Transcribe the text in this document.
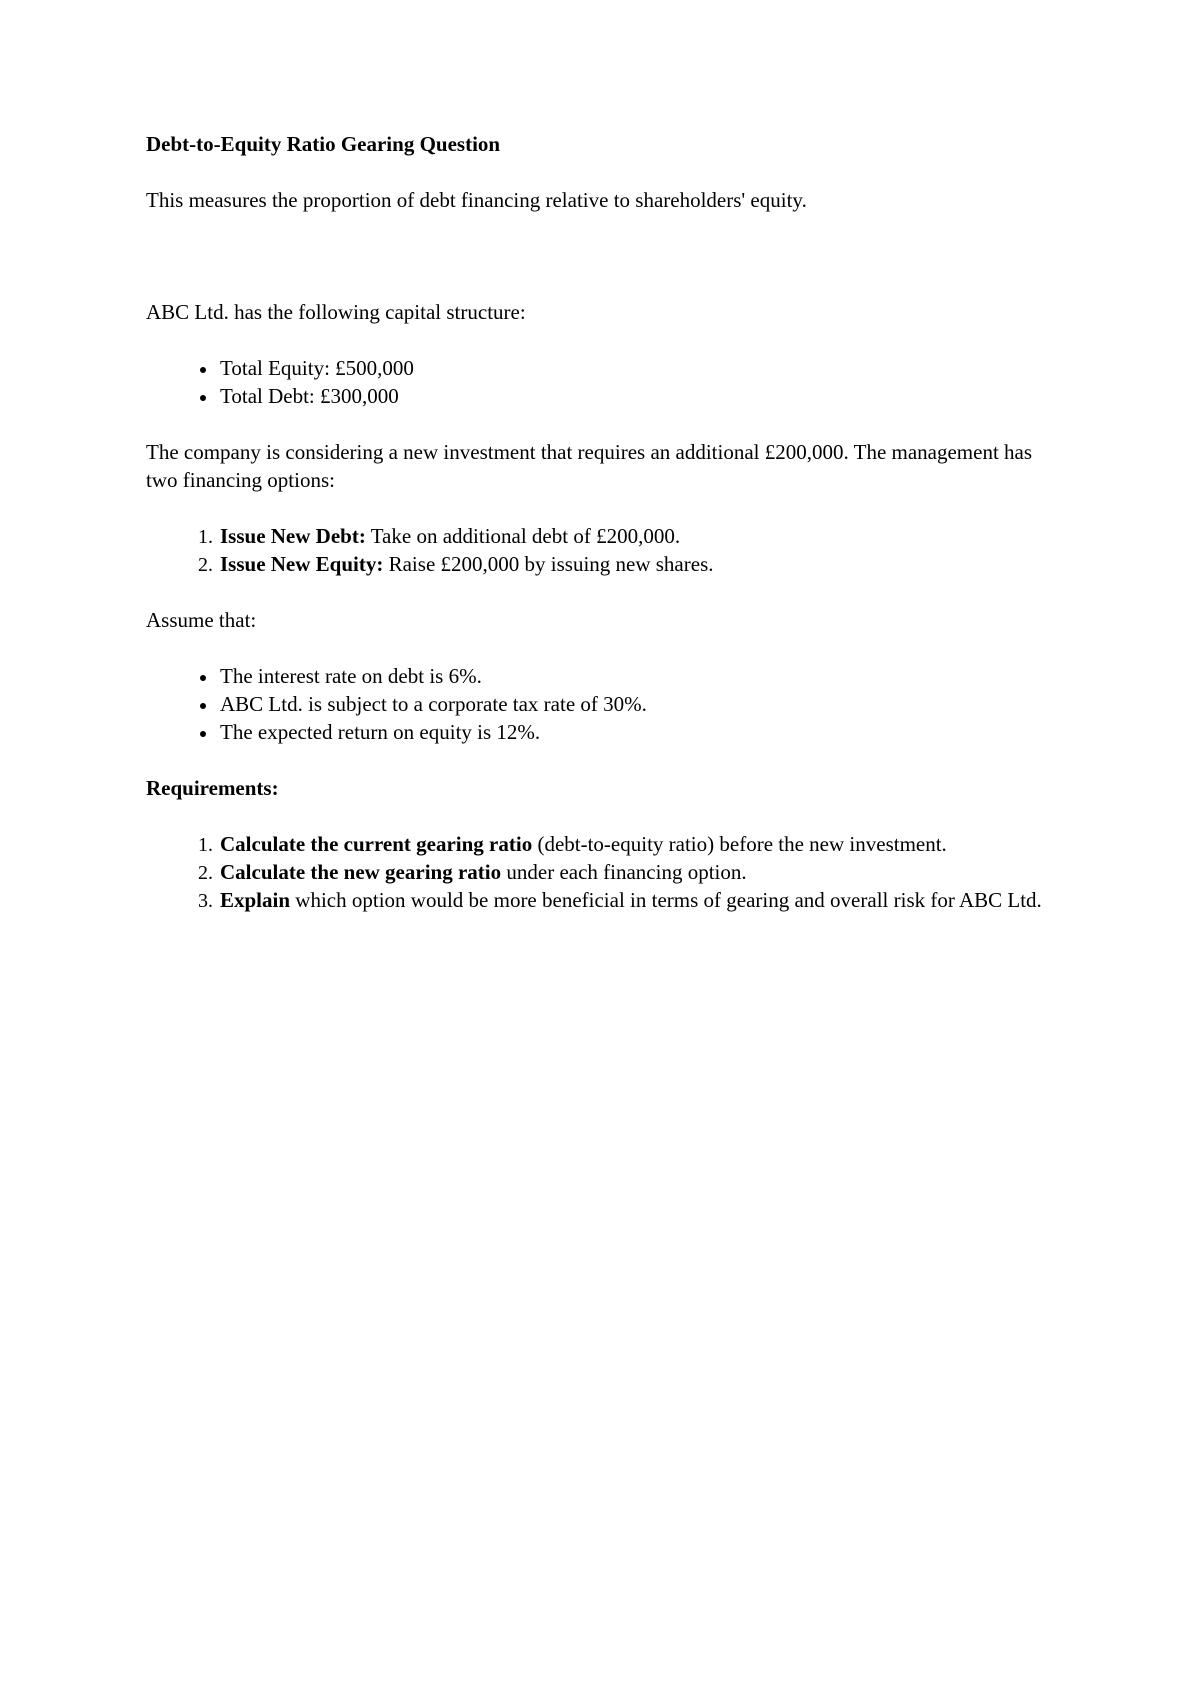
Debt-to-Equity Ratio Gearing Question

This measures the proportion of debt financing relative to shareholders' equity.

ABC Ltd. has the following capital structure:

• Total Equity: £500,000
• Total Debt: £300,000

The company is considering a new investment that requires an additional £200,000. The management has two financing options:

1. Issue New Debt: Take on additional debt of £200,000.
2. Issue New Equity: Raise £200,000 by issuing new shares.

Assume that:

• The interest rate on debt is 6%.
• ABC Ltd. is subject to a corporate tax rate of 30%.
• The expected return on equity is 12%.

Requirements:

1. Calculate the current gearing ratio (debt-to-equity ratio) before the new investment.
2. Calculate the new gearing ratio under each financing option.
3. Explain which option would be more beneficial in terms of gearing and overall risk for ABC Ltd.
